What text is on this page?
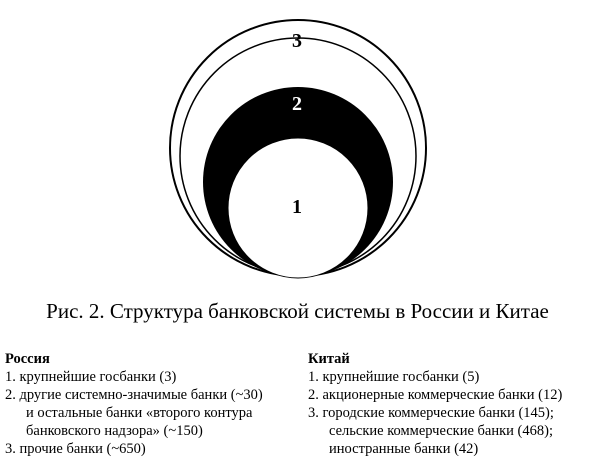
3
2
1
Рис. 2. Структура банковской системы в России и Китае

Россия

1. крупнейшие госбанки (3)
2. другие системно-значимые банки (~30)
и остальные банки «второго контура
банковского надзора» (~150)
3. прочие банки (~650)

Китай

1. крупнейшие госбанки (5)
2. акционерные коммерческие банки (12)
3. городские коммерческие банки (145);
сельские коммерческие банки (468);
иностранные банки (42)
